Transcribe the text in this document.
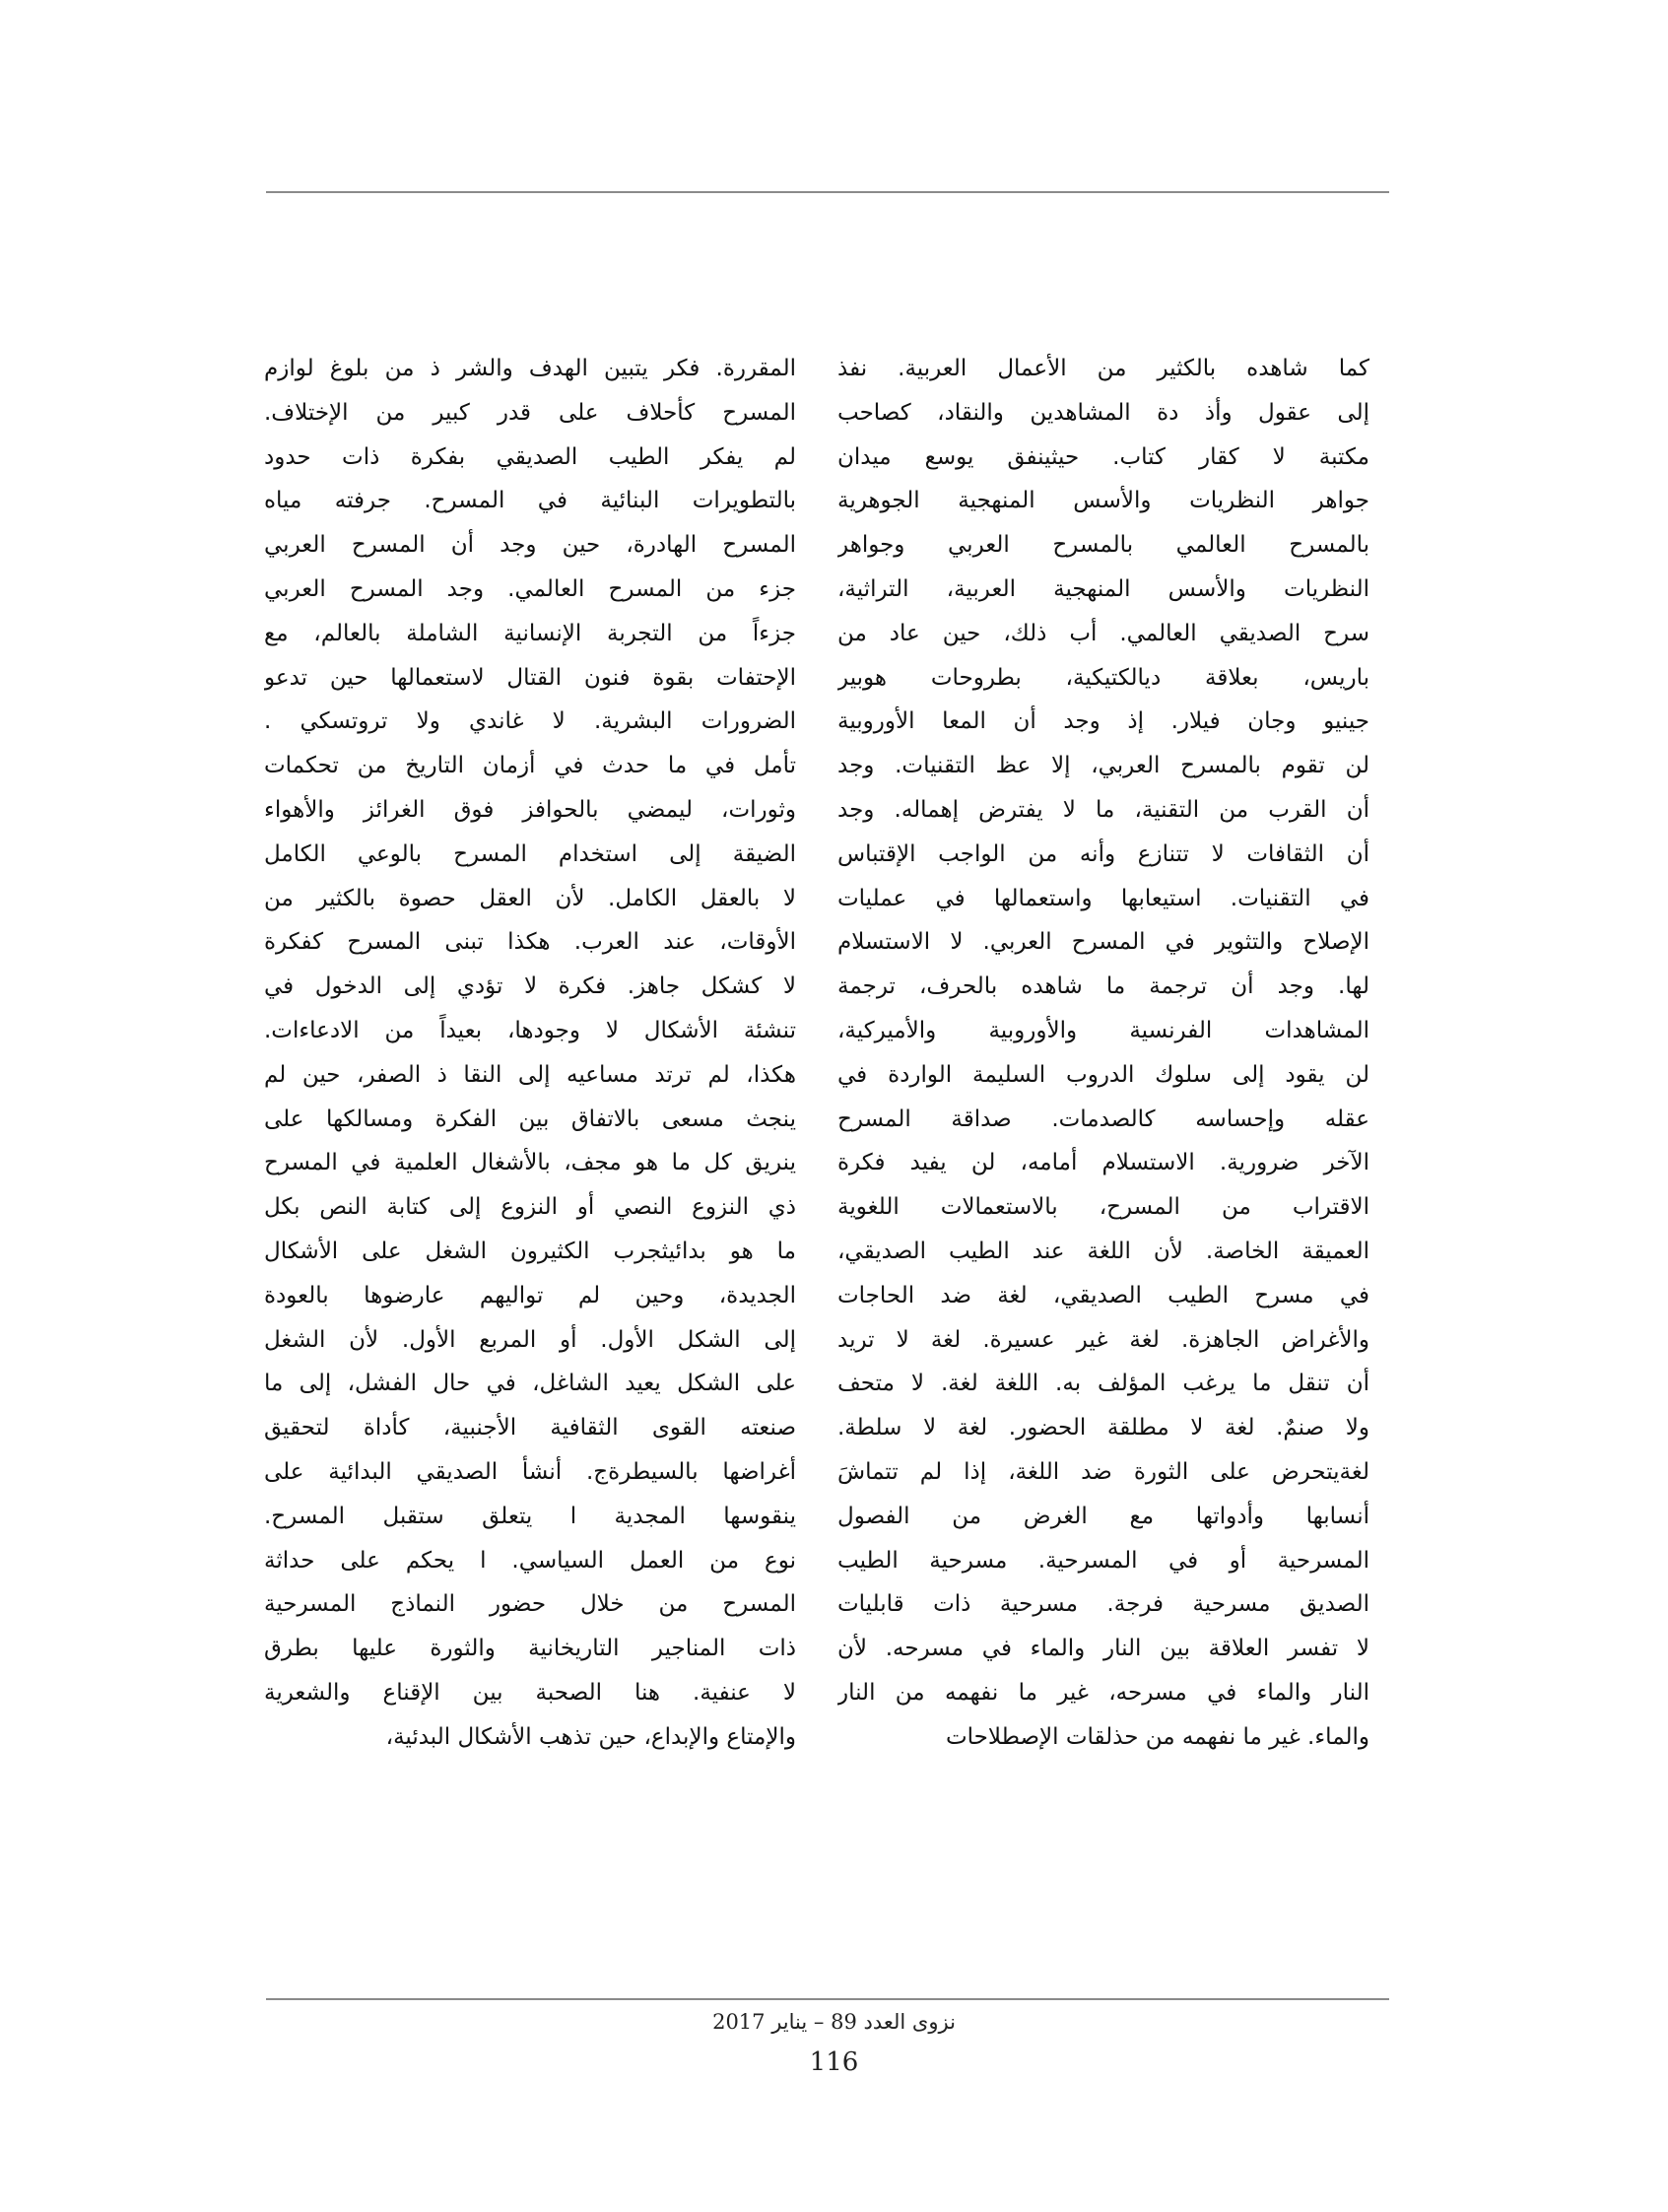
كما شاهده بالكثير من الأعمال العربية. نفذ
إلى عقول وأذ دة المشاهدين والنقاد، كصاحب
مكتبة لا كقار كتاب. حيثينفق يوسع ميدان
جواهر النظريات والأسس المنهجية الجوهرية
بالمسرح العالمي بالمسرح العربي وجواهر
النظريات والأسس المنهجية العربية، التراثية،
سرح الصديقي العالمي. أب ذلك، حين عاد من
باريس، بعلاقة ديالكتيكية، بطروحات هوبير
جينيو وجان فيلار. إذ وجد أن المعا الأوروبية
لن تقوم بالمسرح العربي، إلا عظ التقنيات. وجد
أن القرب من التقنية، ما لا يفترض إهماله. وجد
أن الثقافات لا تتنازع وأنه من الواجب الإقتباس
في التقنيات. استيعابها واستعمالها في عمليات
الإصلاح والتثوير في المسرح العربي. لا الاستسلام
لها. وجد أن ترجمة ما شاهده بالحرف، ترجمة
المشاهدات الفرنسية والأوروبية والأميركية،
لن يقود إلى سلوك الدروب السليمة الواردة في
عقله وإحساسه كالصدمات. صداقة المسرح
الآخر ضرورية. الاستسلام أمامه، لن يفيد فكرة
الاقتراب من المسرح، بالاستعمالات اللغوية
العميقة الخاصة. لأن اللغة عند الطيب الصديقي،
في مسرح الطيب الصديقي، لغة ضد الحاجات
والأغراض الجاهزة. لغة غير عسيرة. لغة لا تريد
أن تنقل ما يرغب المؤلف به. اللغة لغة. لا متحف
ولا صنمٌ. لغة لا مطلقة الحضور. لغة لا سلطة.
لغةيتحرض على الثورة ضد اللغة، إذا لم تتماشَ
أنسابها وأدواتها مع الغرض من الفصول
المسرحية أو في المسرحية. مسرحية الطيب
الصديق مسرحية فرجة. مسرحية ذات قابليات
لا تفسر العلاقة بين النار والماء في مسرحه. لأن
النار والماء في مسرحه، غير ما نفهمه من النار
والماء. غير ما نفهمه من حذلقات الإصطلاحات
المقررة. فكر يتبين الهدف والشر ذ من بلوغ لوازم
المسرح كأحلاف على قدر كبير من الإختلاف.
لم يفكر الطيب الصديقي بفكرة ذات حدود
بالتطويرات البنائية في المسرح. جرفته مياه
المسرح الهادرة، حين وجد أن المسرح العربي
جزء من المسرح العالمي. وجد المسرح العربي
جزءاً من التجربة الإنسانية الشاملة بالعالم، مع
الإحتفات بقوة فنون القتال لاستعمالها حين تدعو
الضرورات البشرية. لا غاندي ولا تروتسكي .
تأمل في ما حدث في أزمان التاريخ من تحكمات
وثورات، ليمضي بالحوافز فوق الغرائز والأهواء
الضيقة إلى استخدام المسرح بالوعي الكامل
لا بالعقل الكامل. لأن العقل حصوة بالكثير من
الأوقات، عند العرب. هكذا تبنى المسرح كفكرة
لا كشكل جاهز. فكرة لا تؤدي إلى الدخول في
تنشئة الأشكال لا وجودها، بعيداً من الادعاءات.
هكذا، لم ترتد مساعيه إلى النقا ذ الصفر، حين لم
ينجث مسعى بالاتفاق بين الفكرة ومسالكها على
ينريق كل ما هو مجف، بالأشغال العلمية في المسرح
ذي النزوع النصي أو النزوع إلى كتابة النص بكل
ما هو بدائيثجرب الكثيرون الشغل على الأشكال
الجديدة، وحين لم تواليهم عارضوها بالعودة
إلى الشكل الأول. أو المربع الأول. لأن الشغل
على الشكل يعيد الشاغل، في حال الفشل، إلى ما
صنعته القوى الثقافية الأجنبية، كأداة لتحقيق
أغراضها بالسيطرةج. أنشأ الصديقي البدائية على
ينقوسها المجدية ا يتعلق ستقبل المسرح.
نوع من العمل السياسي. ا يحكم على حداثة
المسرح من خلال حضور النماذج المسرحية
ذات المناجير التاريخانية والثورة عليها بطرق
لا عنفية. هنا الصحبة بين الإقناع والشعرية
والإمتاع والإبداع، حين تذهب الأشكال البدئية،
نزوى العدد 89 – يناير 2017
116
